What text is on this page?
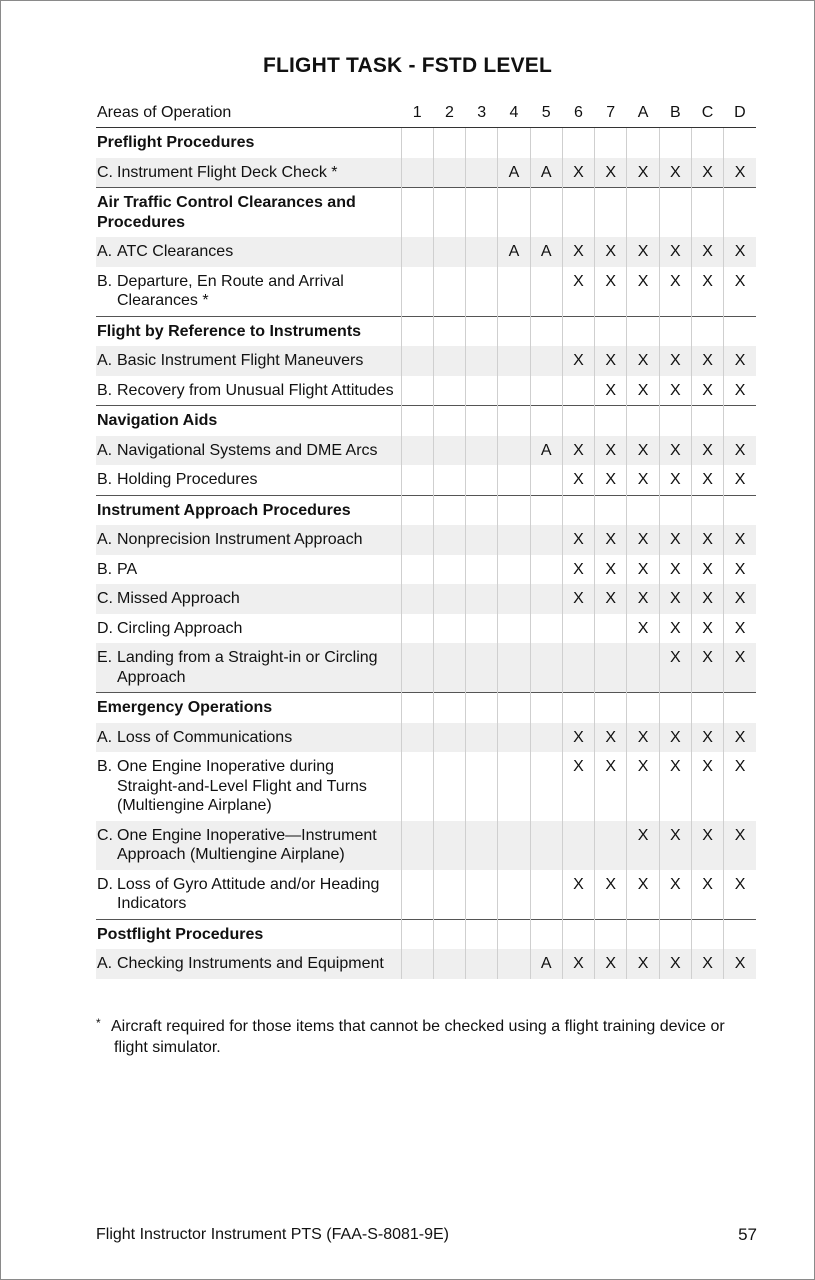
FLIGHT TASK - FSTD LEVEL
Areas of Operation	1	2	3	4	5	6	7	A	B	C	D
Preflight Procedures											

C. Instrument Flight Deck Check *				A	A	X	X	X	X	X	X
Air Traffic Control Clearances and Procedures											

A. ATC Clearances				A	A	X	X	X	X	X	X

B. Departure, En Route and Arrival Clearances *						X	X	X	X	X	X
Flight by Reference to Instruments											

A. Basic Instrument Flight Maneuvers						X	X	X	X	X	X

B. Recovery from Unusual Flight Attitudes							X	X	X	X	X
Navigation Aids											

A. Navigational Systems and DME Arcs					A	X	X	X	X	X	X

B. Holding Procedures						X	X	X	X	X	X
Instrument Approach Procedures											

A. Nonprecision Instrument Approach						X	X	X	X	X	X

B. PA						X	X	X	X	X	X

C. Missed Approach						X	X	X	X	X	X

D. Circling Approach								X	X	X	X

E. Landing from a Straight-in or Circling Approach									X	X	X
Emergency Operations											

A. Loss of Communications						X	X	X	X	X	X

B. One Engine Inoperative during Straight-and-Level Flight and Turns (Multiengine Airplane)						X	X	X	X	X	X

C. One Engine Inoperative—Instrument Approach (Multiengine Airplane)								X	X	X	X

D. Loss of Gyro Attitude and/or Heading Indicators						X	X	X	X	X	X
Postflight Procedures											

A. Checking Instruments and Equipment					A	X	X	X	X	X	X
* Aircraft required for those items that cannot be checked using a flight training device or flight simulator.
Flight Instructor Instrument PTS (FAA-S-8081-9E)	57
